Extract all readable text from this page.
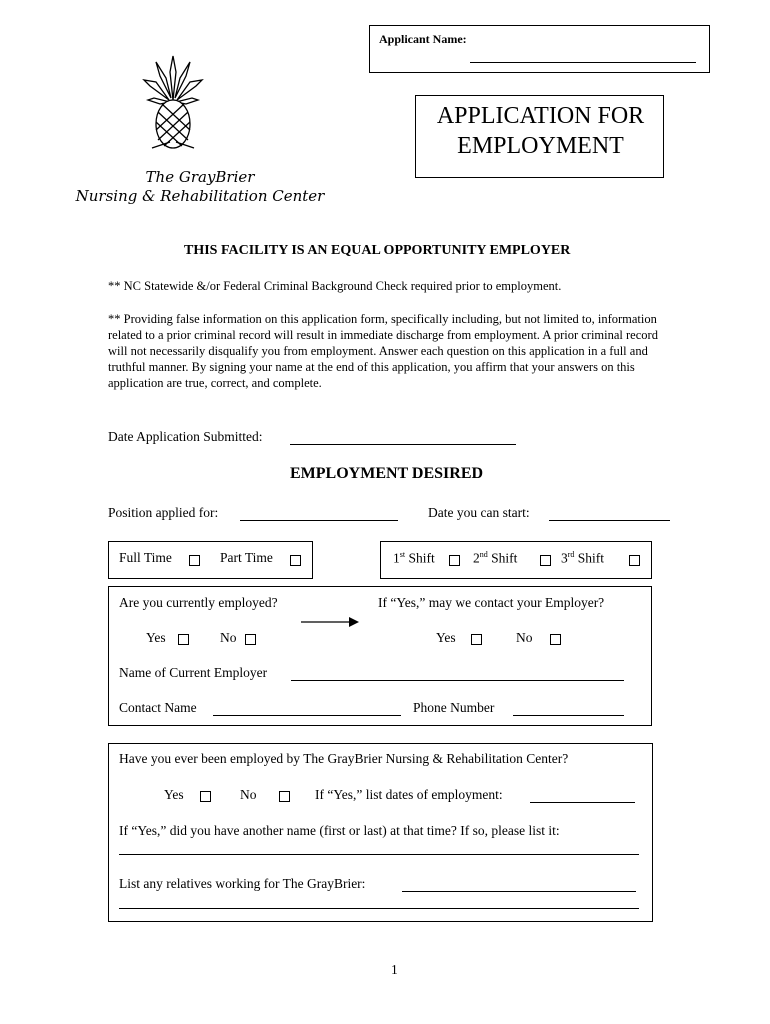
Applicant Name:
The GrayBrier
Nursing & Rehabilitation Center
APPLICATION FOR
EMPLOYMENT
THIS FACILITY IS AN EQUAL OPPORTUNITY EMPLOYER
** NC Statewide &/or Federal Criminal Background Check required prior to employment.
** Providing false information on this application form, specifically including, but not limited to, information
related to a prior criminal record will result in immediate discharge from employment. A prior criminal record
will not necessarily disqualify you from employment. Answer each question on this application in a full and
truthful manner. By signing your name at the end of this application, you affirm that your answers on this
application are true, correct, and complete.
Date Application Submitted:
EMPLOYMENT DESIRED
Position applied for:	Date you can start:
Full Time	Part Time	1st Shift	2nd Shift	3rd Shift
Are you currently employed?	If “Yes,” may we contact your Employer?
Yes	No	Yes	No
Name of Current Employer
Contact Name	Phone Number
Have you ever been employed by The GrayBrier Nursing & Rehabilitation Center?
Yes	No	If “Yes,” list dates of employment:
If “Yes,” did you have another name (first or last) at that time? If so, please list it:
List any relatives working for The GrayBrier:
1
